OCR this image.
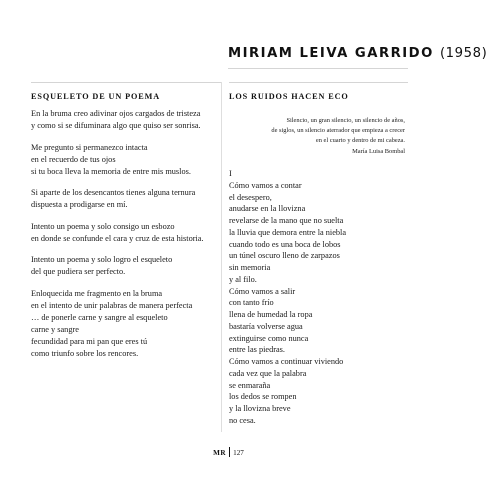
MIRIAM LEIVA GARRIDO (1958)
ESQUELETO DE UN POEMA	LOS RUIDOS HACEN ECO
En la bruma creo adivinar ojos cargados de tristeza
y como si se difuminara algo que quiso ser sonrisa.
Me pregunto si permanezco intacta
en el recuerdo de tus ojos
si tu boca lleva la memoria de entre mis muslos.
Si aparte de los desencantos tienes alguna ternura
dispuesta a prodigarse en mí.
Intento un poema y solo consigo un esbozo
en donde se confunde el cara y cruz de esta historia.
Intento un poema y solo logro el esqueleto
del que pudiera ser perfecto.
Enloquecida me fragmento en la bruma
en el intento de unir palabras de manera perfecta
… de ponerle carne y sangre al esqueleto
carne y sangre
fecundidad para mi pan que eres tú
como triunfo sobre los rencores.
Silencio, un gran silencio, un silencio de años,
de siglos, un silencio aterrador que empieza a crecer
en el cuarto y dentro de mi cabeza.
María Luisa Bombal
I
Cómo vamos a contar
el desespero,
anudarse en la llovizna
revelarse de la mano que no suelta
la lluvia que demora entre la niebla
cuando todo es una boca de lobos
un túnel oscuro lleno de zarpazos
sin memoria
y al filo.
Cómo vamos a salir
con tanto frío
llena de humedad la ropa
bastaría volverse agua
extinguirse como nunca
entre las piedras.
Cómo vamos a continuar viviendo
cada vez que la palabra
se enmaraña
los dedos se rompen
y la llovizna breve
no cesa.
MR 127
